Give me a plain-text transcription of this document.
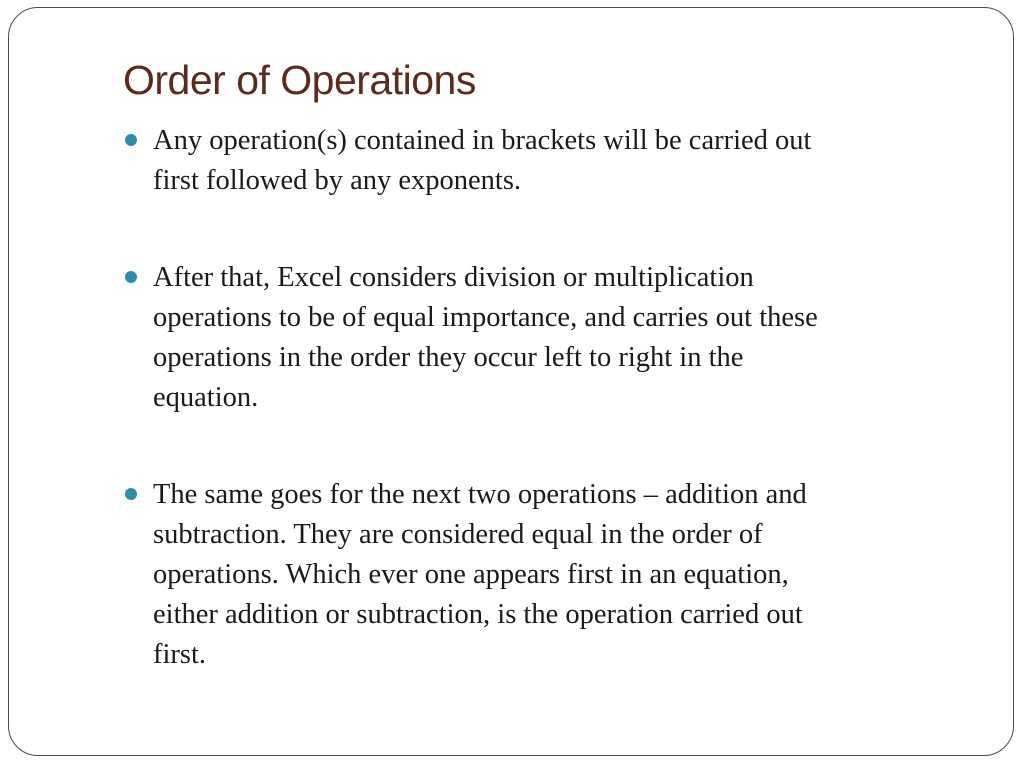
Order of Operations
Any operation(s) contained in brackets will be carried out
first followed by any exponents.
After that, Excel considers division or multiplication
operations to be of equal importance, and carries out these
operations in the order they occur left to right in the
equation.
The same goes for the next two operations – addition and
subtraction. They are considered equal in the order of
operations. Which ever one appears first in an equation,
either addition or subtraction, is the operation carried out
first.
